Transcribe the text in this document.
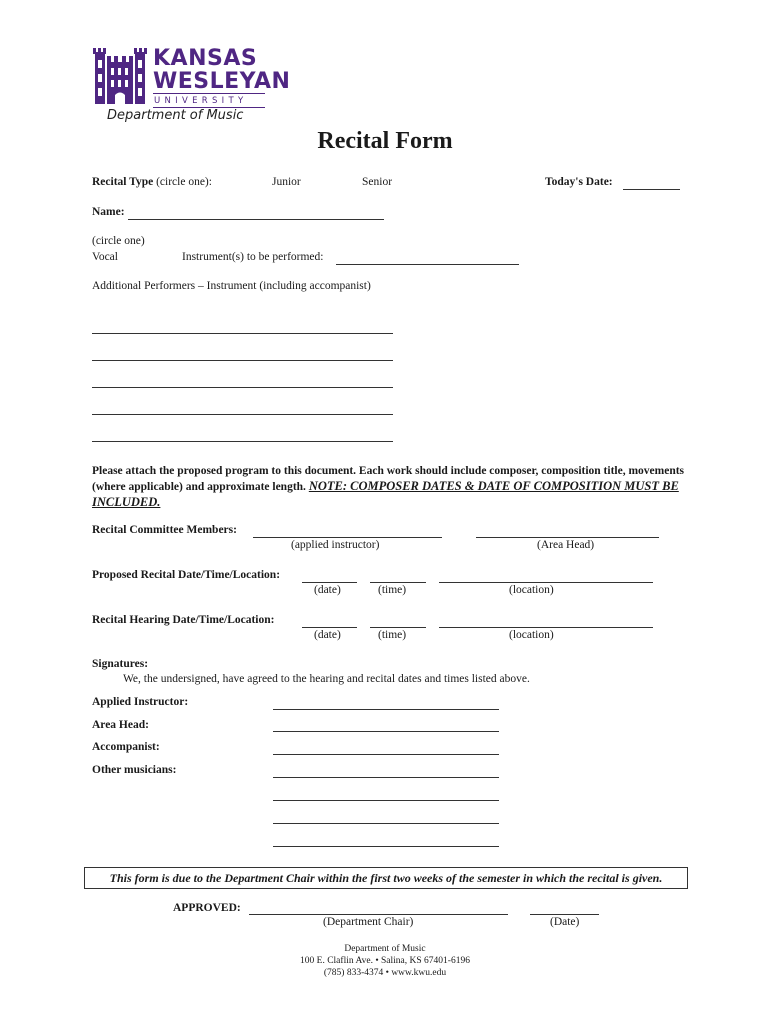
KANSAS
WESLEYAN
UNIVERSITY
Department of Music
Recital Form
Recital Type (circle one):	Junior	Senior	Today's Date:
Name:
(circle one)
Vocal	Instrument(s) to be performed:
Additional Performers – Instrument (including accompanist)
Please attach the proposed program to this document. Each work should include composer, composition title, movements (where applicable) and approximate length. NOTE: COMPOSER DATES & DATE OF COMPOSITION MUST BE INCLUDED.
Recital Committee Members:
(applied instructor)	(Area Head)
Proposed Recital Date/Time/Location:
(date)	(time)	(location)
Recital Hearing Date/Time/Location:
(date)	(time)	(location)
Signatures:
We, the undersigned, have agreed to the hearing and recital dates and times listed above.
Applied Instructor:
Area Head:
Accompanist:
Other musicians:
This form is due to the Department Chair within the first two weeks of the semester in which the recital is given.
APPROVED:
(Department Chair)	(Date)
Department of Music
100 E. Claflin Ave. • Salina, KS 67401-6196
(785) 833-4374 • www.kwu.edu
